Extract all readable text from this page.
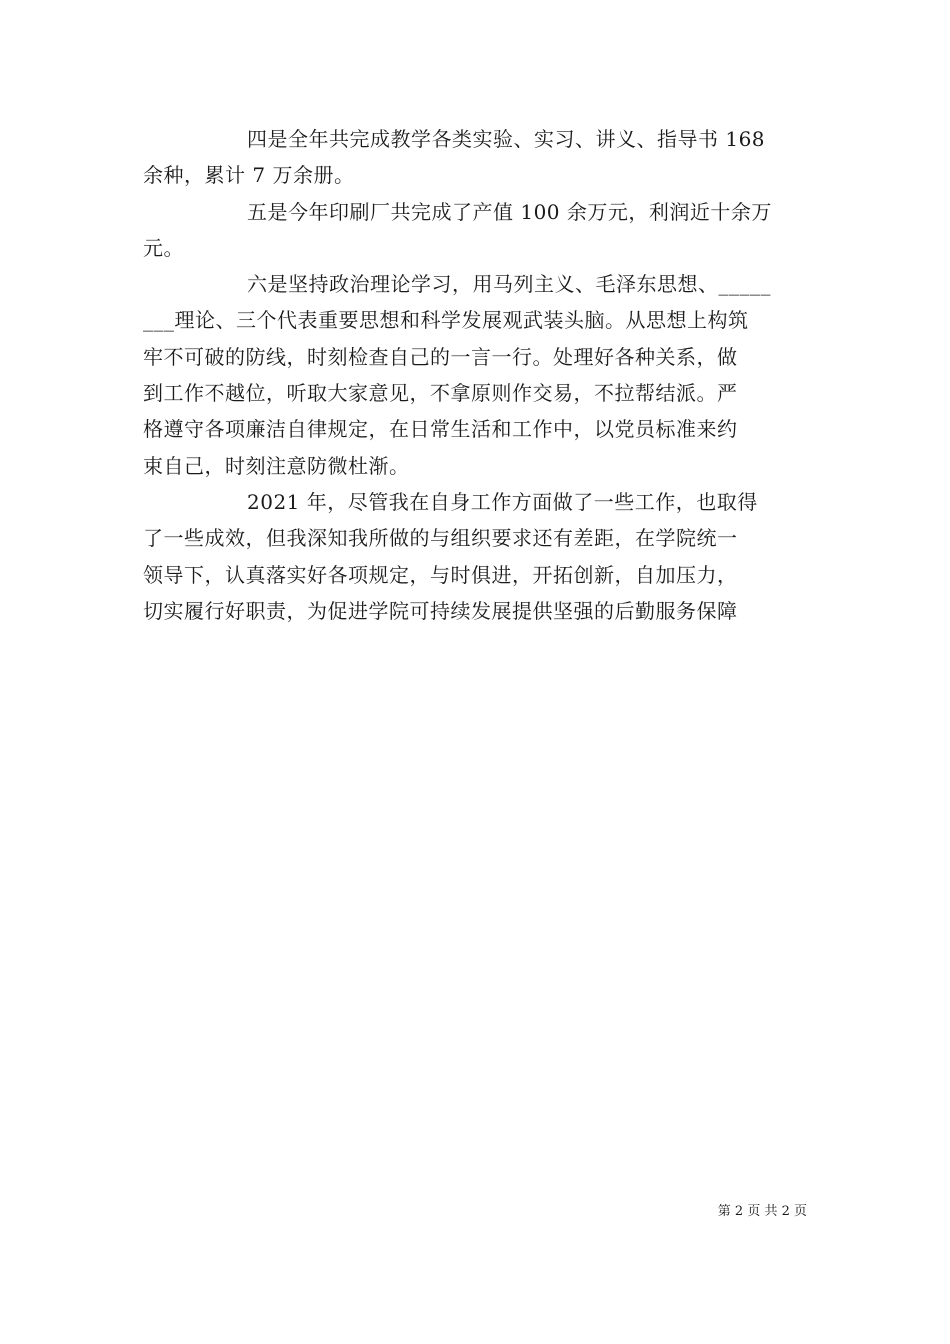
四是全年共完成教学各类实验、实习、讲义、指导书 168
余种，累计 7 万余册。

五是今年印刷厂共完成了产值 100 余万元，利润近十余万
元。

六是坚持政治理论学习，用马列主义、毛泽东思想、_____
___理论、三个代表重要思想和科学发展观武装头脑。从思想上构筑
牢不可破的防线，时刻检查自己的一言一行。处理好各种关系，做
到工作不越位，听取大家意见，不拿原则作交易，不拉帮结派。严
格遵守各项廉洁自律规定，在日常生活和工作中，以党员标准来约
束自己，时刻注意防微杜渐。

2021 年，尽管我在自身工作方面做了一些工作，也取得
了一些成效，但我深知我所做的与组织要求还有差距，在学院统一
领导下，认真落实好各项规定，与时俱进，开拓创新，自加压力，
切实履行好职责，为促进学院可持续发展提供坚强的后勤服务保障

第 2 页 共 2 页
